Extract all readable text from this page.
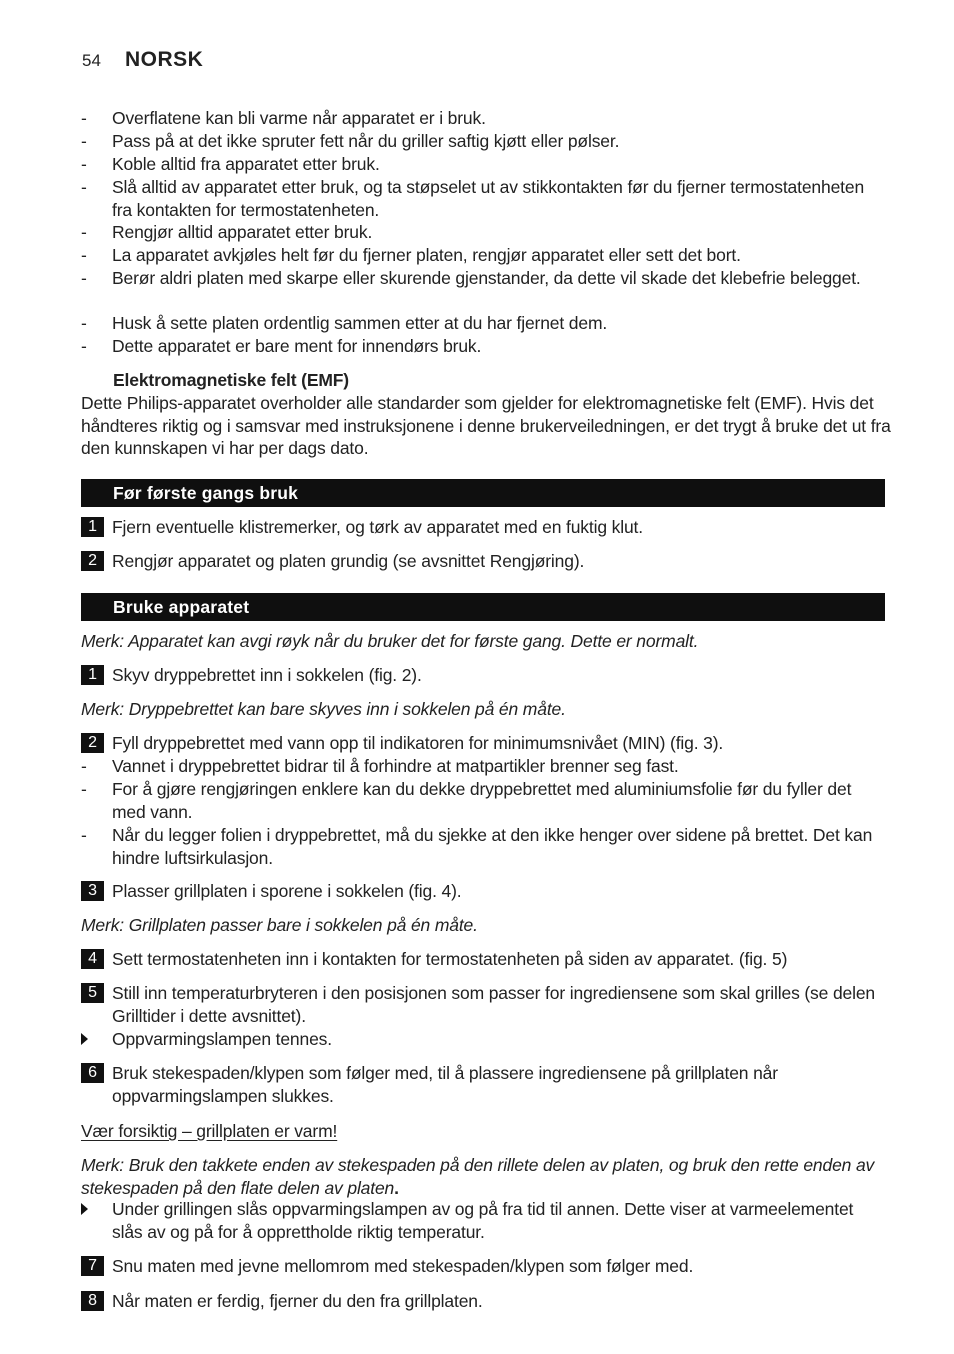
54 NORSK
-	Overflatene kan bli varme når apparatet er i bruk.
-	Pass på at det ikke spruter fett når du griller saftig kjøtt eller pølser.
-	Koble alltid fra apparatet etter bruk.
-	Slå alltid av apparatet etter bruk, og ta støpselet ut av stikkontakten før du fjerner termostatenheten fra kontakten for termostatenheten.
-	Rengjør alltid apparatet etter bruk.
-	La apparatet avkjøles helt før du fjerner platen, rengjør apparatet eller sett det bort.
-	Berør aldri platen med skarpe eller skurende gjenstander, da dette vil skade det klebefrie belegget.
-	Husk å sette platen ordentlig sammen etter at du har fjernet dem.
-	Dette apparatet er bare ment for innendørs bruk.
Elektromagnetiske felt (EMF)
Dette Philips-apparatet overholder alle standarder som gjelder for elektromagnetiske felt (EMF). Hvis det håndteres riktig og i samsvar med instruksjonene i denne brukerveiledningen, er det trygt å bruke det ut fra den kunnskapen vi har per dags dato.
Før første gangs bruk
1 Fjern eventuelle klistremerker, og tørk av apparatet med en fuktig klut.
2 Rengjør apparatet og platen grundig (se avsnittet Rengjøring).
Bruke apparatet
Merk: Apparatet kan avgi røyk når du bruker det for første gang. Dette er normalt.
1 Skyv dryppebrettet inn i sokkelen (fig. 2).
Merk: Dryppebrettet kan bare skyves inn i sokkelen på én måte.
2 Fyll dryppebrettet med vann opp til indikatoren for minimumsnivået (MIN) (fig. 3).
-	Vannet i dryppebrettet bidrar til å forhindre at matpartikler brenner seg fast.
-	For å gjøre rengjøringen enklere kan du dekke dryppebrettet med aluminiumsfolie før du fyller det med vann.
-	Når du legger folien i dryppebrettet, må du sjekke at den ikke henger over sidene på brettet. Det kan hindre luftsirkulasjon.
3 Plasser grillplaten i sporene i sokkelen (fig. 4).
Merk: Grillplaten passer bare i sokkelen på én måte.
4 Sett termostatenheten inn i kontakten for termostatenheten på siden av apparatet. (fig. 5)
5 Still inn temperaturbryteren i den posisjonen som passer for ingrediensene som skal grilles (se delen Grilltider i dette avsnittet).
Oppvarmingslampen tennes.
6 Bruk stekespaden/klypen som følger med, til å plassere ingrediensene på grillplaten når oppvarmingslampen slukkes.
Vær forsiktig – grillplaten er varm!
Merk: Bruk den takkete enden av stekespaden på den rillete delen av platen, og bruk den rette enden av stekespaden på den flate delen av platen.
Under grillingen slås oppvarmingslampen av og på fra tid til annen. Dette viser at varmeelementet slås av og på for å opprettholde riktig temperatur.
7 Snu maten med jevne mellomrom med stekespaden/klypen som følger med.
8 Når maten er ferdig, fjerner du den fra grillplaten.
